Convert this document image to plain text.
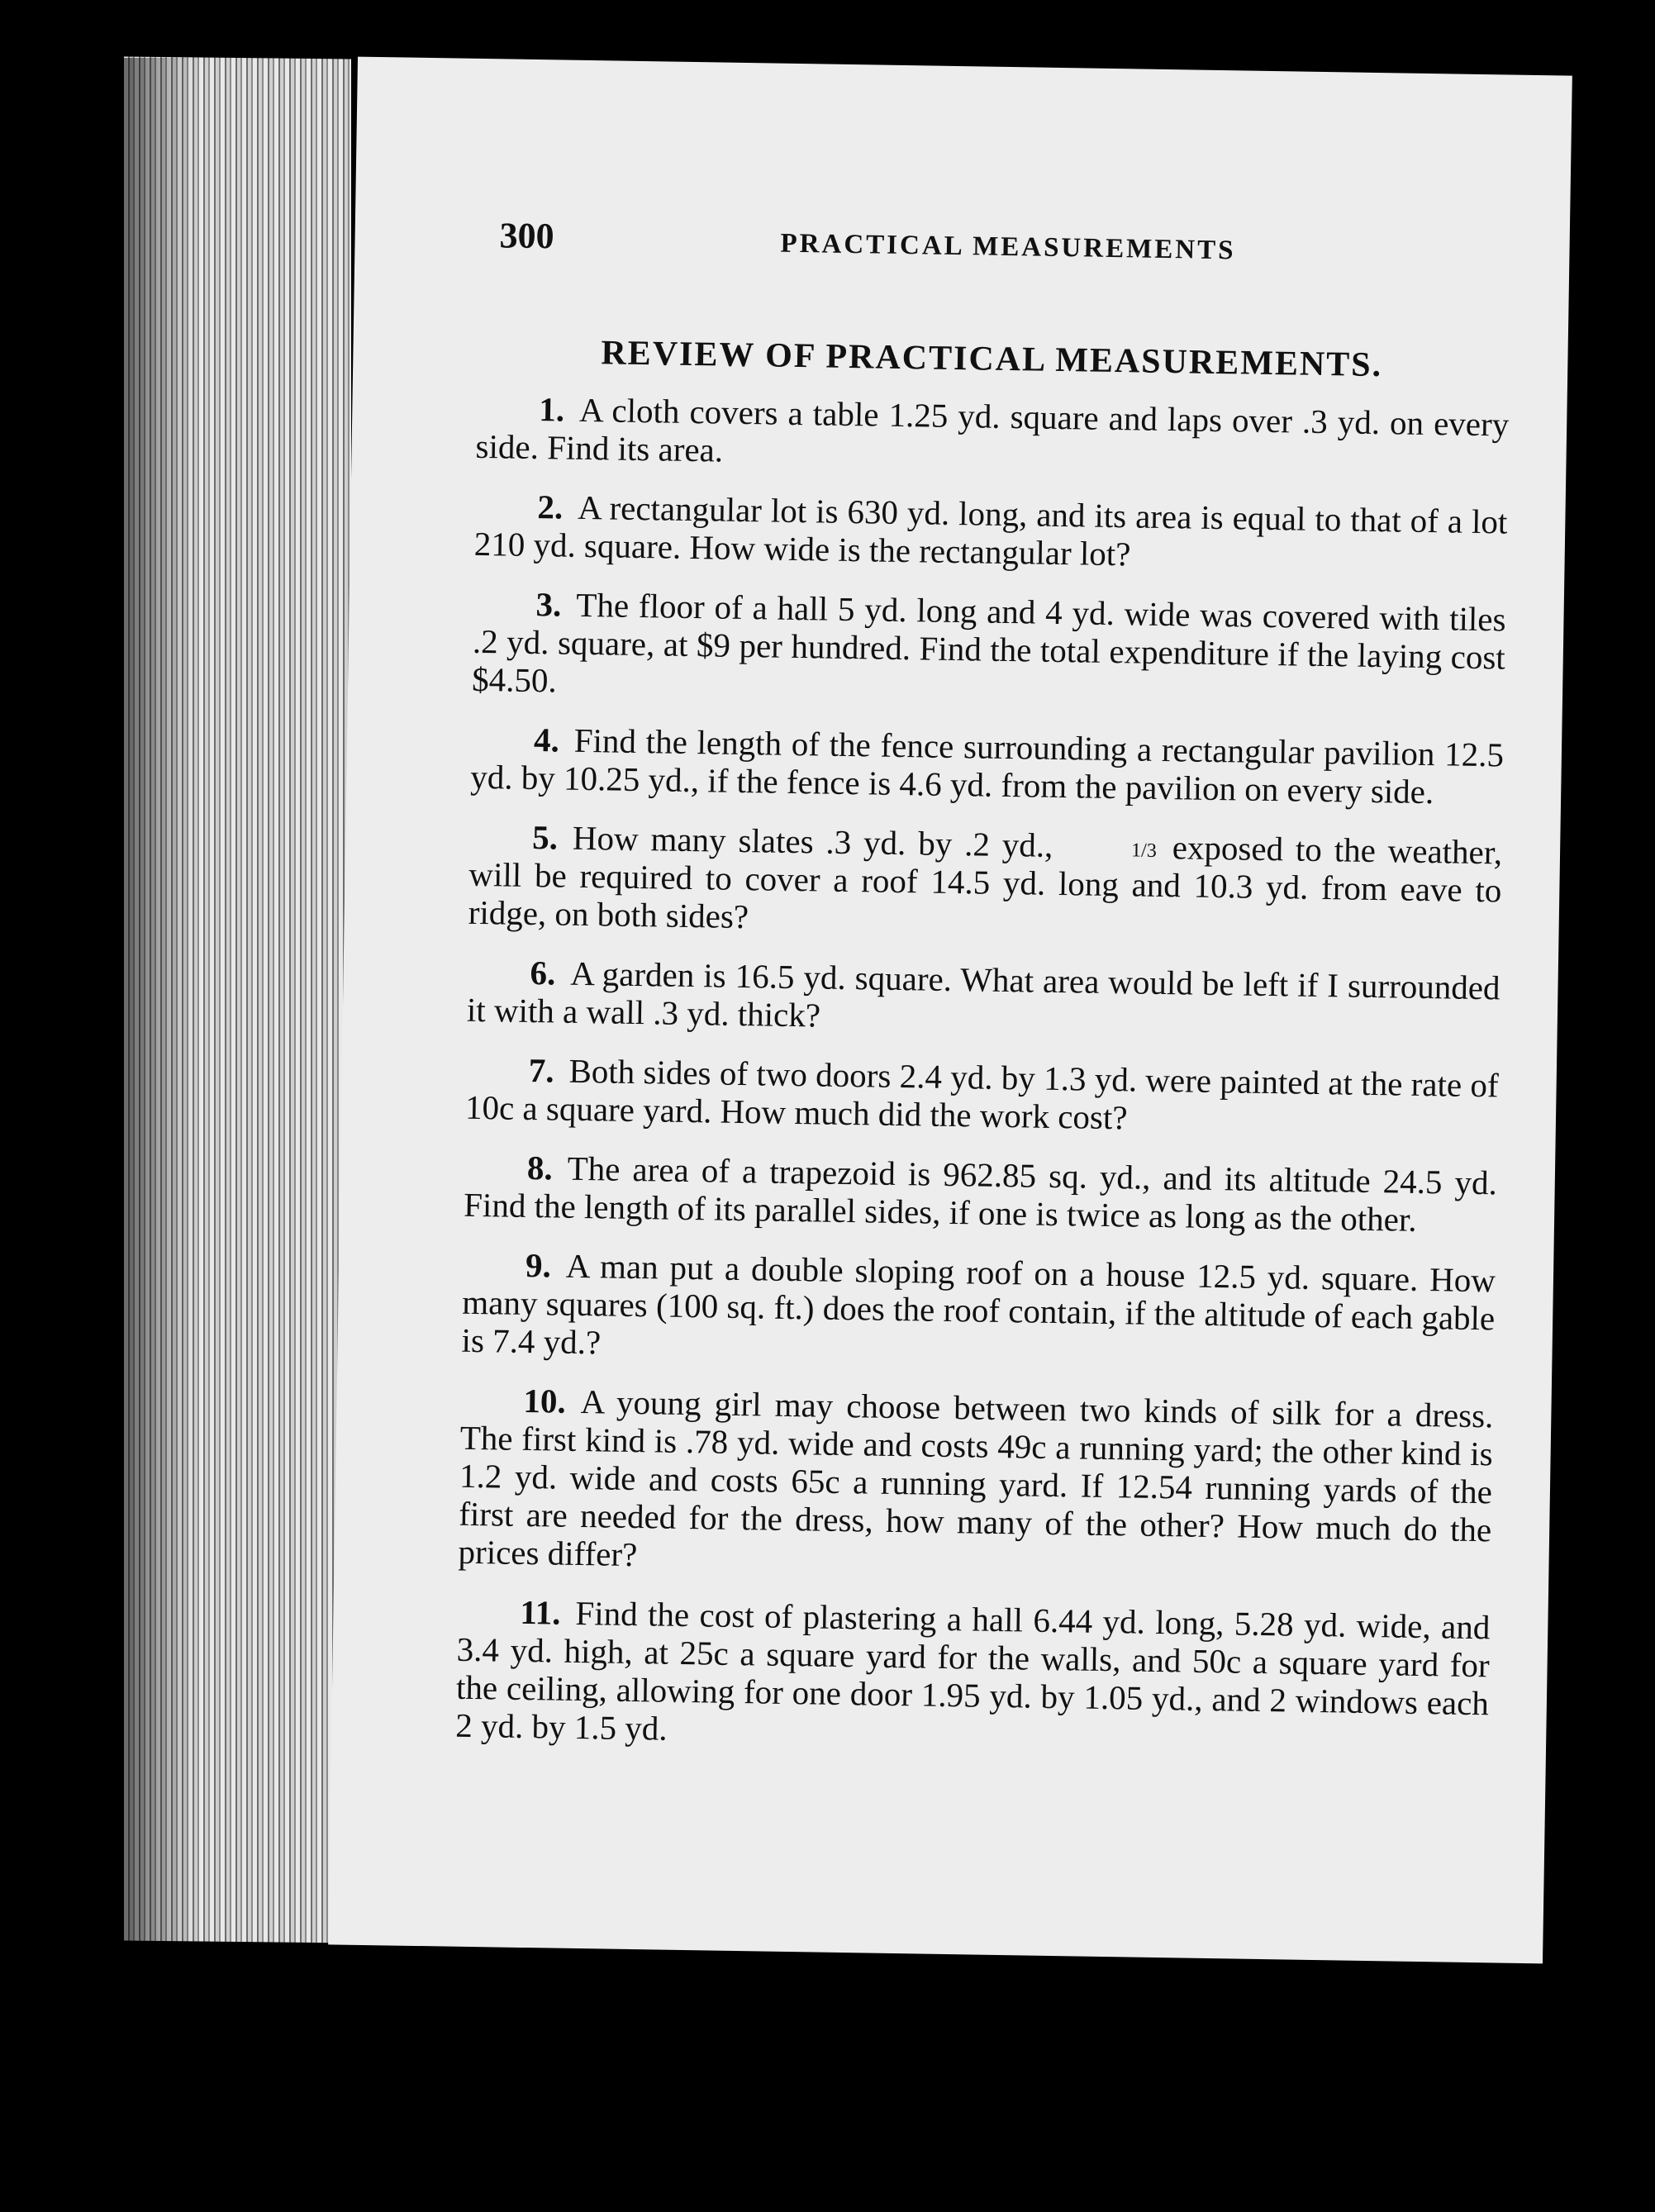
300	PRACTICAL MEASUREMENTS
REVIEW OF PRACTICAL MEASUREMENTS.

1. A cloth covers a table 1.25 yd. square and laps over .3 yd. on every side. Find its area.

2. A rectangular lot is 630 yd. long, and its area is equal to that of a lot 210 yd. square. How wide is the rectangular lot?

3. The floor of a hall 5 yd. long and 4 yd. wide was covered with tiles .2 yd. square, at $9 per hundred. Find the total expenditure if the laying cost $4.50.

4. Find the length of the fence surrounding a rectangular pavilion 12.5 yd. by 10.25 yd., if the fence is 4.6 yd. from the pavilion on every side.

5. How many slates .3 yd. by .2 yd.,	1/3 exposed to the weather, will be required to cover a roof 14.5 yd. long and 10.3 yd. from eave to ridge, on both sides?

6. A garden is 16.5 yd. square. What area would be left if I surrounded it with a wall .3 yd. thick?

7. Both sides of two doors 2.4 yd. by 1.3 yd. were painted at the rate of 10c a square yard. How much did the work cost?

8. The area of a trapezoid is 962.85 sq. yd., and its altitude 24.5 yd. Find the length of its parallel sides, if one is twice as long as the other.

9. A man put a double sloping roof on a house 12.5 yd. square. How many squares (100 sq. ft.) does the roof contain, if the altitude of each gable is 7.4 yd.?

10. A young girl may choose between two kinds of silk for a dress. The first kind is .78 yd. wide and costs 49c a running yard; the other kind is 1.2 yd. wide and costs 65c a running yard. If 12.54 running yards of the first are needed for the dress, how many of the other? How much do the prices differ?

11. Find the cost of plastering a hall 6.44 yd. long, 5.28 yd. wide, and 3.4 yd. high, at 25c a square yard for the walls, and 50c a square yard for the ceiling, allowing for one door 1.95 yd. by 1.05 yd., and 2 windows each 2 yd. by 1.5 yd.
